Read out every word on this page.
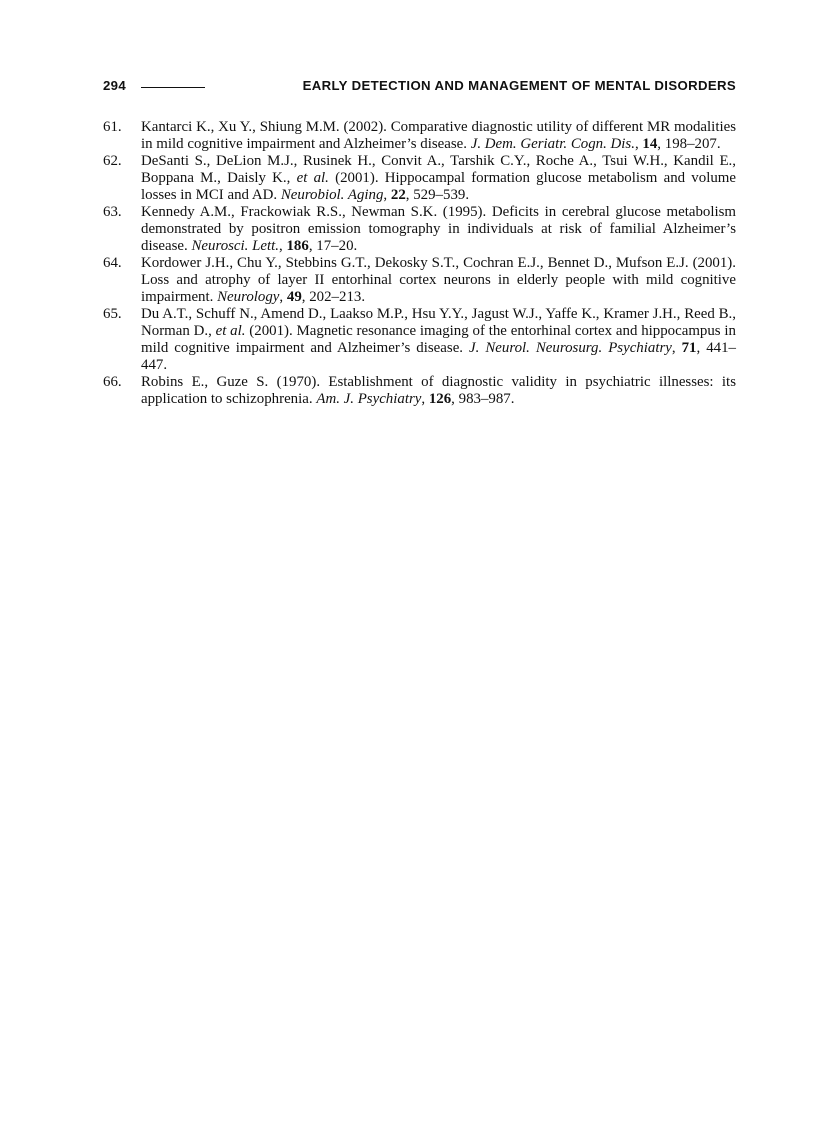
294	EARLY DETECTION AND MANAGEMENT OF MENTAL DISORDERS
61.	Kantarci K., Xu Y., Shiung M.M. (2002). Comparative diagnostic utility of different MR modalities in mild cognitive impairment and Alzheimer’s disease. J. Dem. Geriatr. Cogn. Dis., 14, 198–207.
62.	DeSanti S., DeLion M.J., Rusinek H., Convit A., Tarshik C.Y., Roche A., Tsui W.H., Kandil E., Boppana M., Daisly K., et al. (2001). Hippocampal formation glucose metabolism and volume losses in MCI and AD. Neurobiol. Aging, 22, 529–539.
63.	Kennedy A.M., Frackowiak R.S., Newman S.K. (1995). Deficits in cerebral glucose metabolism demonstrated by positron emission tomography in individuals at risk of familial Alzheimer’s disease. Neurosci. Lett., 186, 17–20.
64.	Kordower J.H., Chu Y., Stebbins G.T., Dekosky S.T., Cochran E.J., Bennet D., Mufson E.J. (2001). Loss and atrophy of layer II entorhinal cortex neurons in elderly people with mild cognitive impairment. Neurology, 49, 202–213.
65.	Du A.T., Schuff N., Amend D., Laakso M.P., Hsu Y.Y., Jagust W.J., Yaffe K., Kramer J.H., Reed B., Norman D., et al. (2001). Magnetic resonance imaging of the entorhinal cortex and hippocampus in mild cognitive impairment and Alzheimer’s disease. J. Neurol. Neurosurg. Psychiatry, 71, 441–447.
66.	Robins E., Guze S. (1970). Establishment of diagnostic validity in psychiatric illnesses: its application to schizophrenia. Am. J. Psychiatry, 126, 983–987.
